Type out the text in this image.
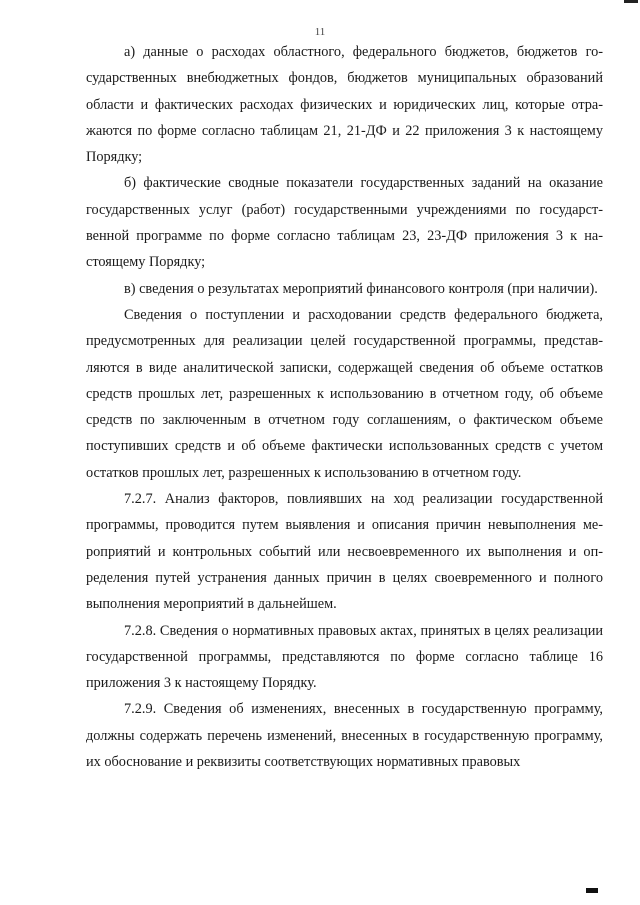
11

а) данные о расходах областного, федерального бюджетов, бюджетов государственных внебюджетных фондов, бюджетов муниципальных образований области и фактических расходах физических и юридических лиц, которые отражаются по форме согласно таблицам 21, 21-ДФ и 22 приложения 3 к настоящему Порядку;

б) фактические сводные показатели государственных заданий на оказание государственных услуг (работ) государственными учреждениями по государственной программе по форме согласно таблицам 23, 23-ДФ приложения 3 к настоящему Порядку;

в) сведения о результатах мероприятий финансового контроля (при наличии).

Сведения о поступлении и расходовании средств федерального бюджета, предусмотренных для реализации целей государственной программы, представляются в виде аналитической записки, содержащей сведения об объеме остатков средств прошлых лет, разрешенных к использованию в отчетном году, об объеме средств по заключенным в отчетном году соглашениям, о фактическом объеме поступивших средств и об объеме фактически использованных средств с учетом остатков прошлых лет, разрешенных к использованию в отчетном году.

7.2.7. Анализ факторов, повлиявших на ход реализации государственной программы, проводится путем выявления и описания причин невыполнения мероприятий и контрольных событий или несвоевременного их выполнения и определения путей устранения данных причин в целях своевременного и полного выполнения мероприятий в дальнейшем.

7.2.8. Сведения о нормативных правовых актах, принятых в целях реализации государственной программы, представляются по форме согласно таблице 16 приложения 3 к настоящему Порядку.

7.2.9. Сведения об изменениях, внесенных в государственную программу, должны содержать перечень изменений, внесенных в государственную программу, их обоснование и реквизиты соответствующих нормативных правовых
